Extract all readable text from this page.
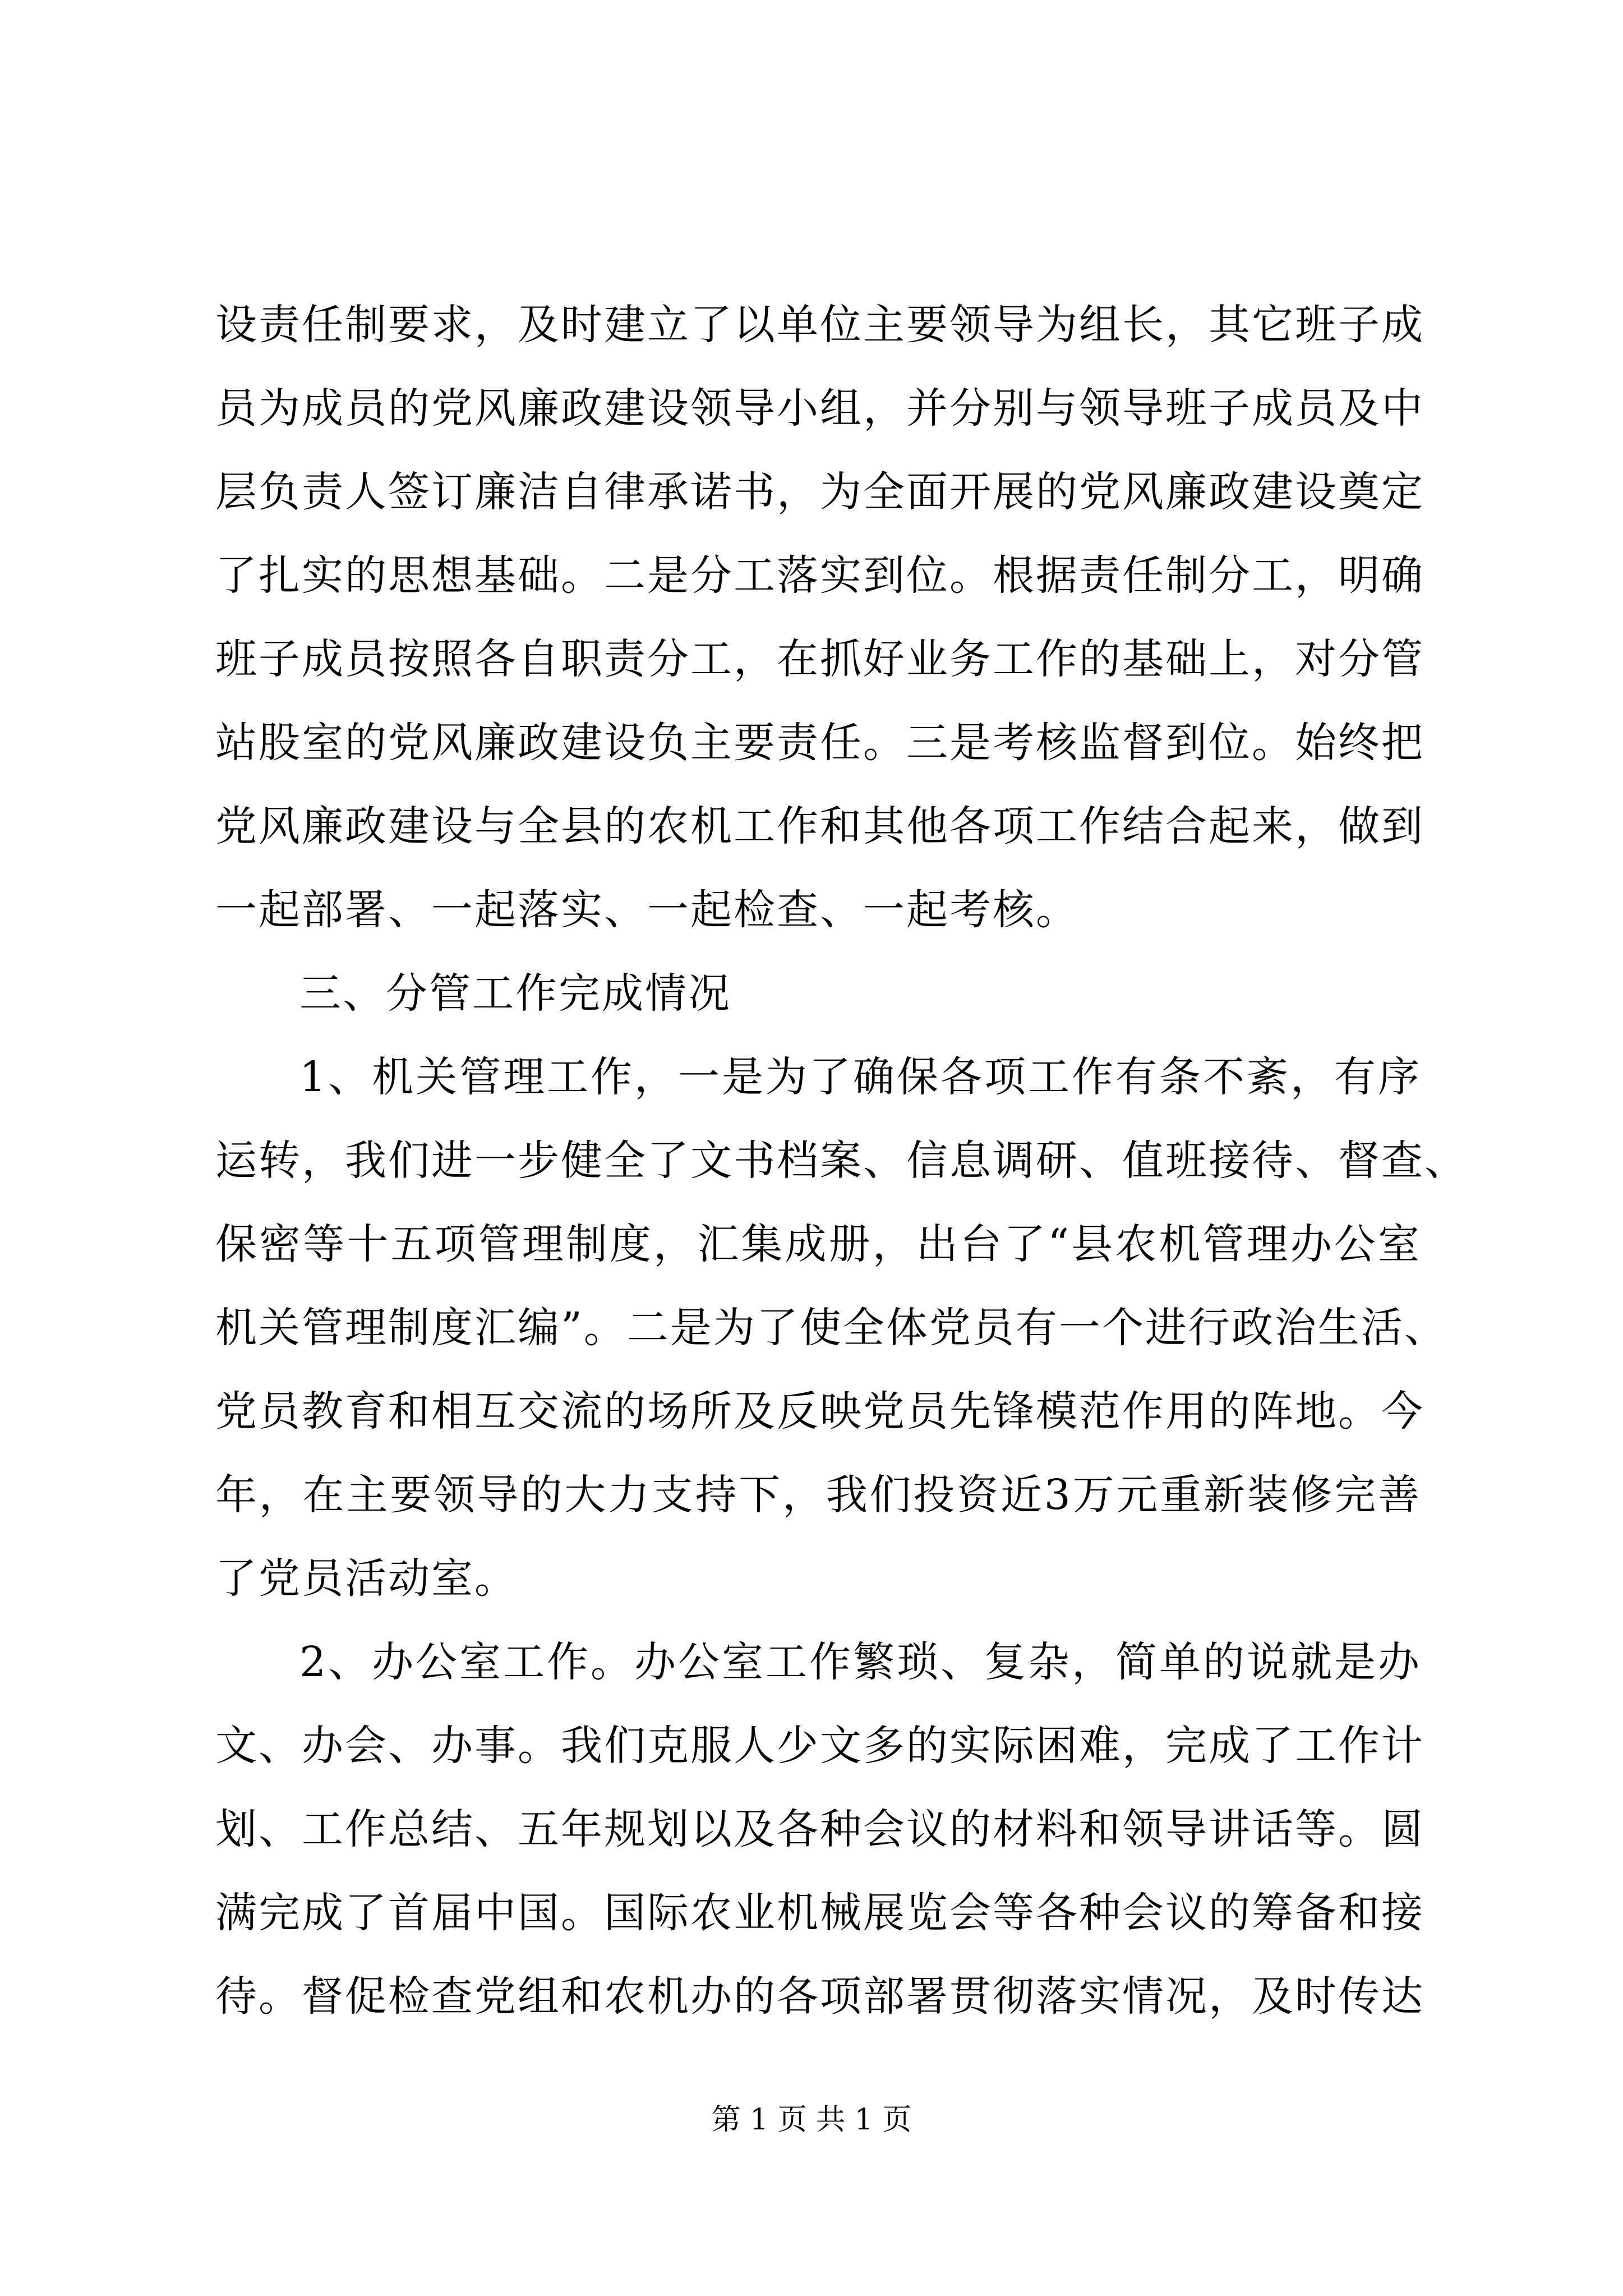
设责任制要求，及时建立了以单位主要领导为组长，其它班子成
员为成员的党风廉政建设领导小组，并分别与领导班子成员及中
层负责人签订廉洁自律承诺书，为全面开展的党风廉政建设奠定
了扎实的思想基础。二是分工落实到位。根据责任制分工，明确
班子成员按照各自职责分工，在抓好业务工作的基础上，对分管
站股室的党风廉政建设负主要责任。三是考核监督到位。始终把
党风廉政建设与全县的农机工作和其他各项工作结合起来，做到
一起部署、一起落实、一起检查、一起考核。
三、分管工作完成情况
1、机关管理工作，一是为了确保各项工作有条不紊，有序
运转，我们进一步健全了文书档案、信息调研、值班接待、督查、
保密等十五项管理制度，汇集成册，出台了“县农机管理办公室
机关管理制度汇编”。二是为了使全体党员有一个进行政治生活、
党员教育和相互交流的场所及反映党员先锋模范作用的阵地。今
年，在主要领导的大力支持下，我们投资近3万元重新装修完善
了党员活动室。
2、办公室工作。办公室工作繁琐、复杂，简单的说就是办
文、办会、办事。我们克服人少文多的实际困难，完成了工作计
划、工作总结、五年规划以及各种会议的材料和领导讲话等。圆
满完成了首届中国。国际农业机械展览会等各种会议的筹备和接
待。督促检查党组和农机办的各项部署贯彻落实情况，及时传达
第 1 页 共 1 页
